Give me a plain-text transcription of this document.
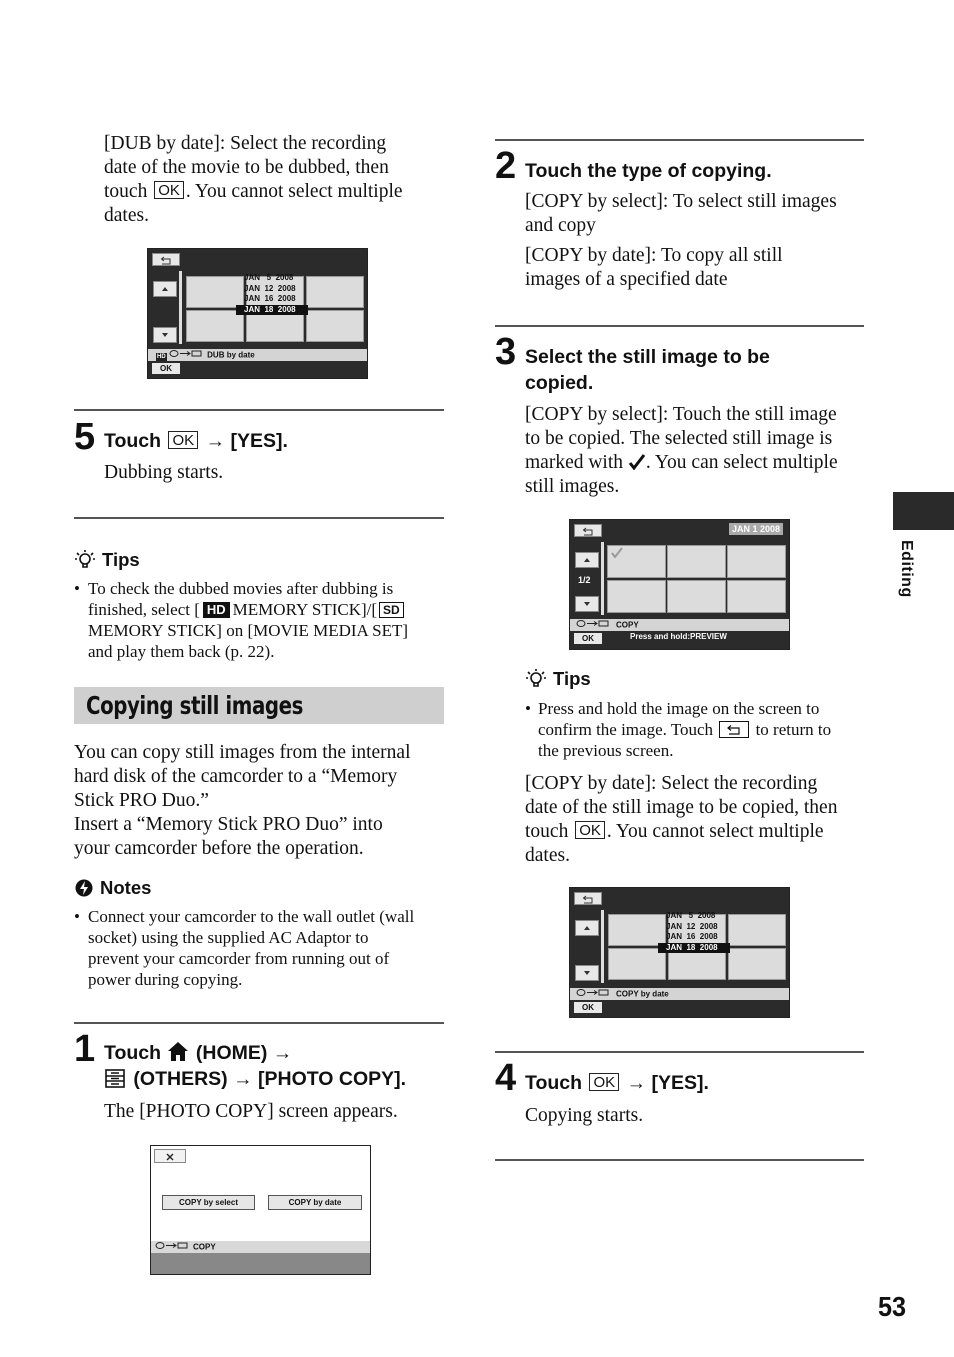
[DUB by date]: Select the recording
date of the movie to be dubbed, then
touch OK . You cannot select multiple
dates.
JAN   5  2008
JAN  12  2008
JAN  16  2008
JAN  18  2008
HD	DUB by date
OK
5 Touch OK → [YES].
Dubbing starts.
Tips
• To check the dubbed movies after dubbing is
finished, select [ HD MEMORY STICK]/[ SD
MEMORY STICK] on [MOVIE MEDIA SET]
and play them back (p. 22).
Copying still images
You can copy still images from the internal
hard disk of the camcorder to a “Memory
Stick PRO Duo.”
Insert a “Memory Stick PRO Duo” into
your camcorder before the operation.
Notes
• Connect your camcorder to the wall outlet (wall
socket) using the supplied AC Adaptor to
prevent your camcorder from running out of
power during copying.
1 Touch (HOME) →
(OTHERS) → [PHOTO COPY].
The [PHOTO COPY] screen appears.
COPY by select	COPY by date
COPY
2 Touch the type of copying.
[COPY by select]: To select still images
and copy
[COPY by date]: To copy all still
images of a specified date
3 Select the still image to be
copied.
[COPY by select]: Touch the still image
to be copied. The selected still image is
marked with . You can select multiple
still images.
JAN 1 2008
1/2
COPY
OK	Press and hold:PREVIEW
Tips
• Press and hold the image on the screen to
confirm the image. Touch	to return to
the previous screen.
[COPY by date]: Select the recording
date of the still image to be copied, then
touch OK . You cannot select multiple
dates.
JAN   5  2008
JAN  12  2008
JAN  16  2008
JAN  18  2008
COPY by date
OK
4 Touch OK → [YES].
Copying starts.
Editing
53
